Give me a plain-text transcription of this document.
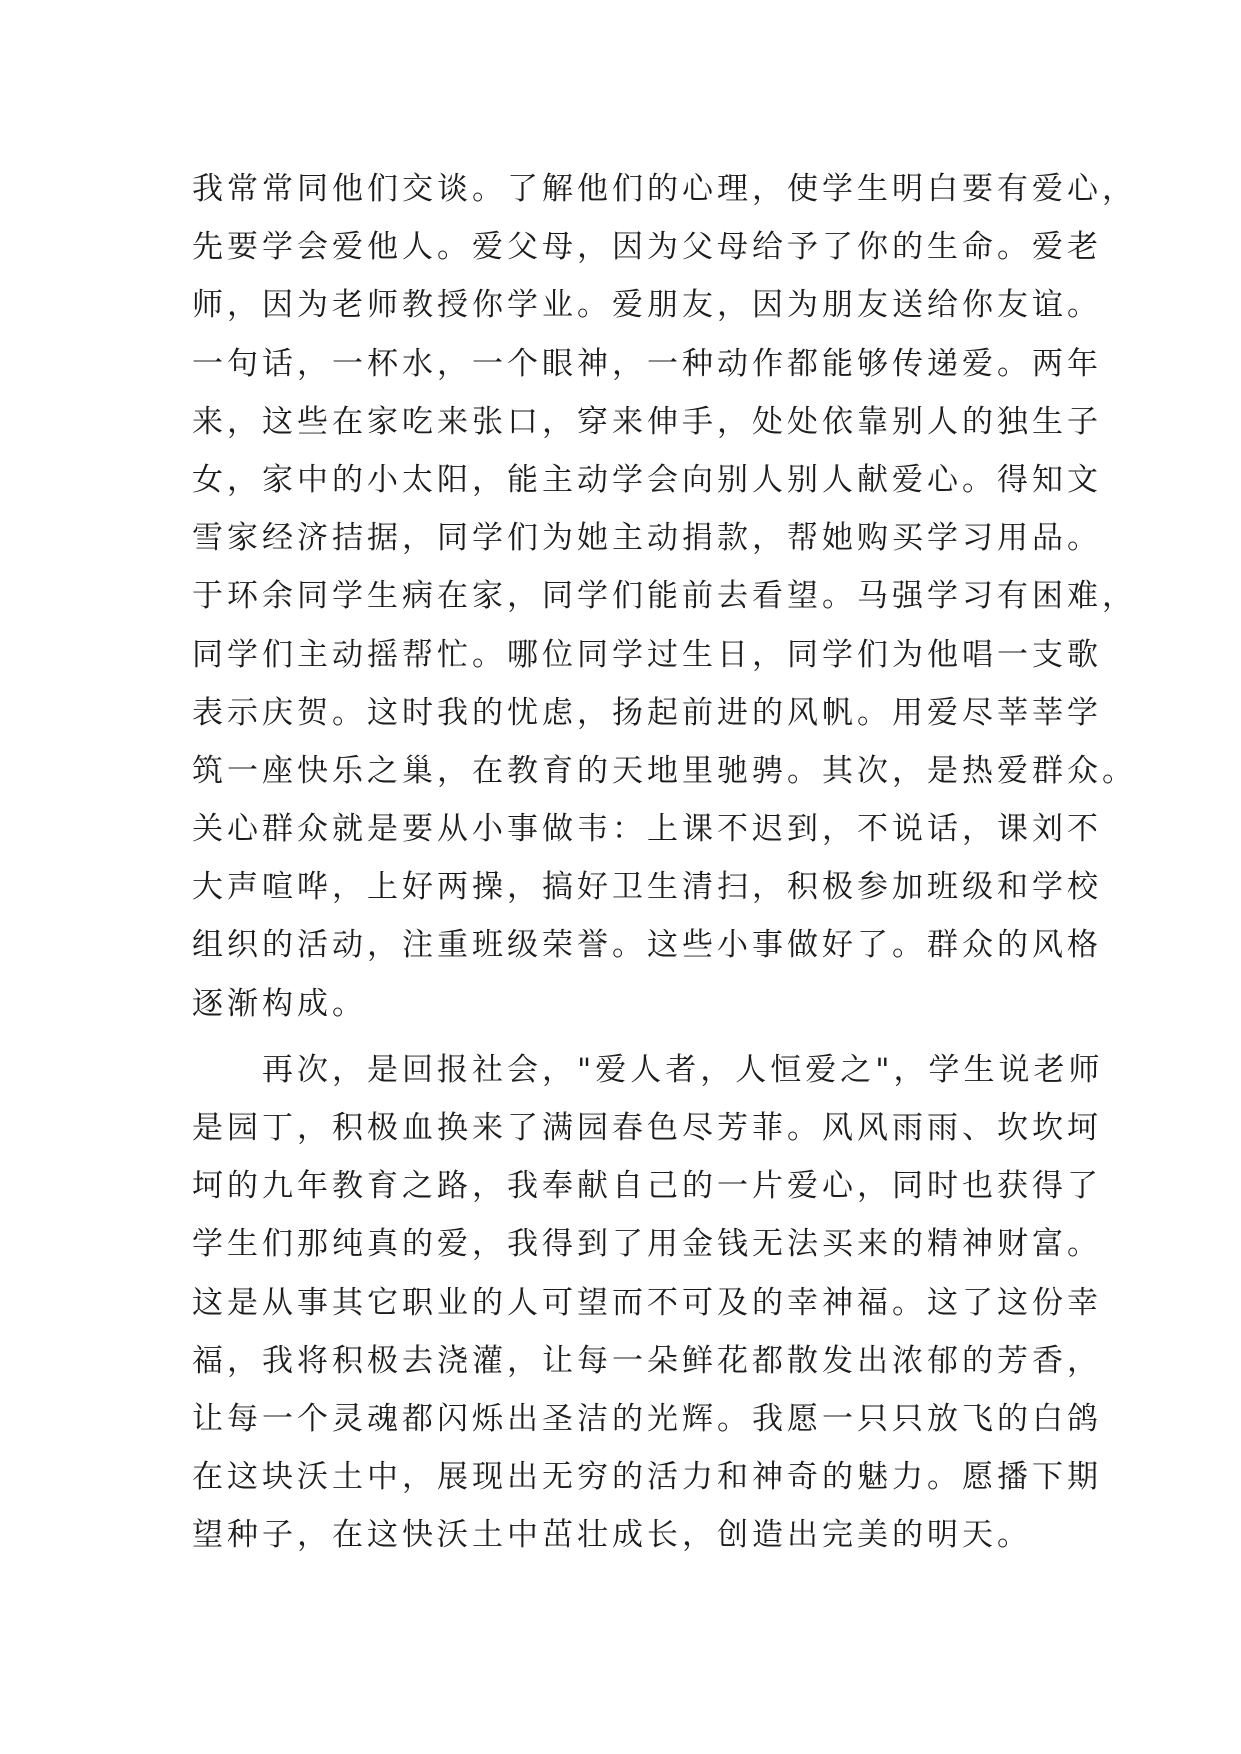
我常常同他们交谈。了解他们的心理，使学生明白要有爱心，
先要学会爱他人。爱父母，因为父母给予了你的生命。爱老
师，因为老师教授你学业。爱朋友，因为朋友送给你友谊。
一句话，一杯水，一个眼神，一种动作都能够传递爱。两年
来，这些在家吃来张口，穿来伸手，处处依靠别人的独生子
女，家中的小太阳，能主动学会向别人别人献爱心。得知文
雪家经济拮据，同学们为她主动捐款，帮她购买学习用品。
于环余同学生病在家，同学们能前去看望。马强学习有困难，
同学们主动摇帮忙。哪位同学过生日，同学们为他唱一支歌
表示庆贺。这时我的忧虑，扬起前进的风帆。用爱尽莘莘学
筑一座快乐之巢，在教育的天地里驰骋。其次，是热爱群众。
关心群众就是要从小事做韦：上课不迟到，不说话，课刘不
大声喧哗，上好两操，搞好卫生清扫，积极参加班级和学校
组织的活动，注重班级荣誉。这些小事做好了。群众的风格
逐渐构成。
　　再次，是回报社会，"爱人者，人恒爱之"，学生说老师
是园丁，积极血换来了满园春色尽芳菲。风风雨雨、坎坎坷
坷的九年教育之路，我奉献自己的一片爱心，同时也获得了
学生们那纯真的爱，我得到了用金钱无法买来的精神财富。
这是从事其它职业的人可望而不可及的幸神福。这了这份幸
福，我将积极去浇灌，让每一朵鲜花都散发出浓郁的芳香，
让每一个灵魂都闪烁出圣洁的光辉。我愿一只只放飞的白鸽
在这块沃土中，展现出无穷的活力和神奇的魅力。愿播下期
望种子，在这快沃土中茁壮成长，创造出完美的明天。
